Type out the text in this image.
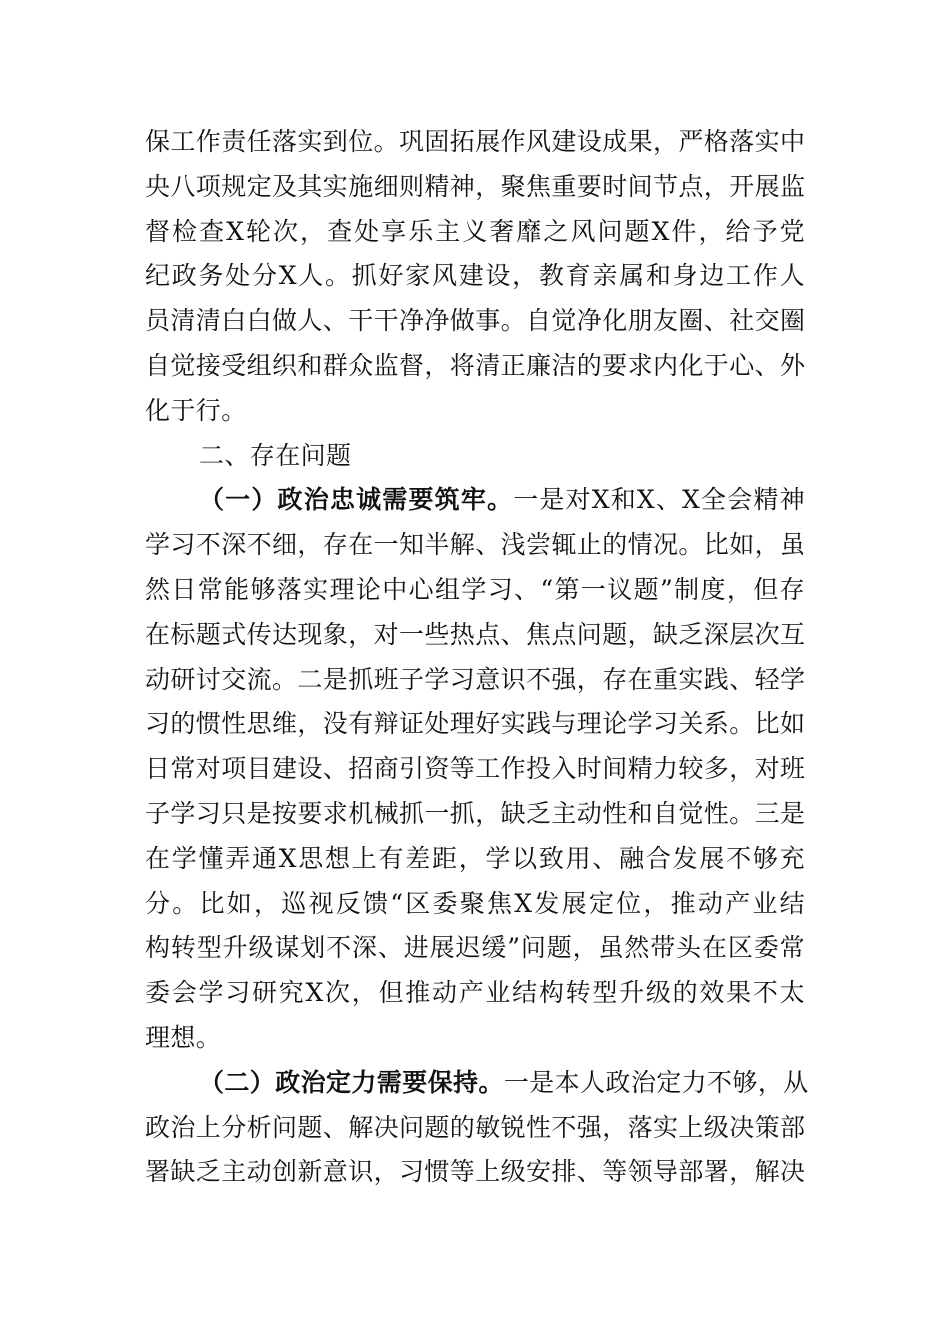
保工作责任落实到位。巩固拓展作风建设成果，严格落实中
央八项规定及其实施细则精神，聚焦重要时间节点，开展监
督检查X轮次，查处享乐主义奢靡之风问题X件，给予党
纪政务处分X人。抓好家风建设，教育亲属和身边工作人
员清清白白做人、干干净净做事。自觉净化朋友圈、社交圈
自觉接受组织和群众监督，将清正廉洁的要求内化于心、外
化于行。
二、存在问题
（一）政治忠诚需要筑牢。一是对X和X、X全会精神
学习不深不细，存在一知半解、浅尝辄止的情况。比如，虽
然日常能够落实理论中心组学习、“第一议题”制度，但存
在标题式传达现象，对一些热点、焦点问题，缺乏深层次互
动研讨交流。二是抓班子学习意识不强，存在重实践、轻学
习的惯性思维，没有辩证处理好实践与理论学习关系。比如
日常对项目建设、招商引资等工作投入时间精力较多，对班
子学习只是按要求机械抓一抓，缺乏主动性和自觉性。三是
在学懂弄通X思想上有差距，学以致用、融合发展不够充
分。比如，巡视反馈“区委聚焦X发展定位，推动产业结
构转型升级谋划不深、进展迟缓”问题，虽然带头在区委常
委会学习研究X次，但推动产业结构转型升级的效果不太
理想。
（二）政治定力需要保持。一是本人政治定力不够，从
政治上分析问题、解决问题的敏锐性不强，落实上级决策部
署缺乏主动创新意识，习惯等上级安排、等领导部署，解决
